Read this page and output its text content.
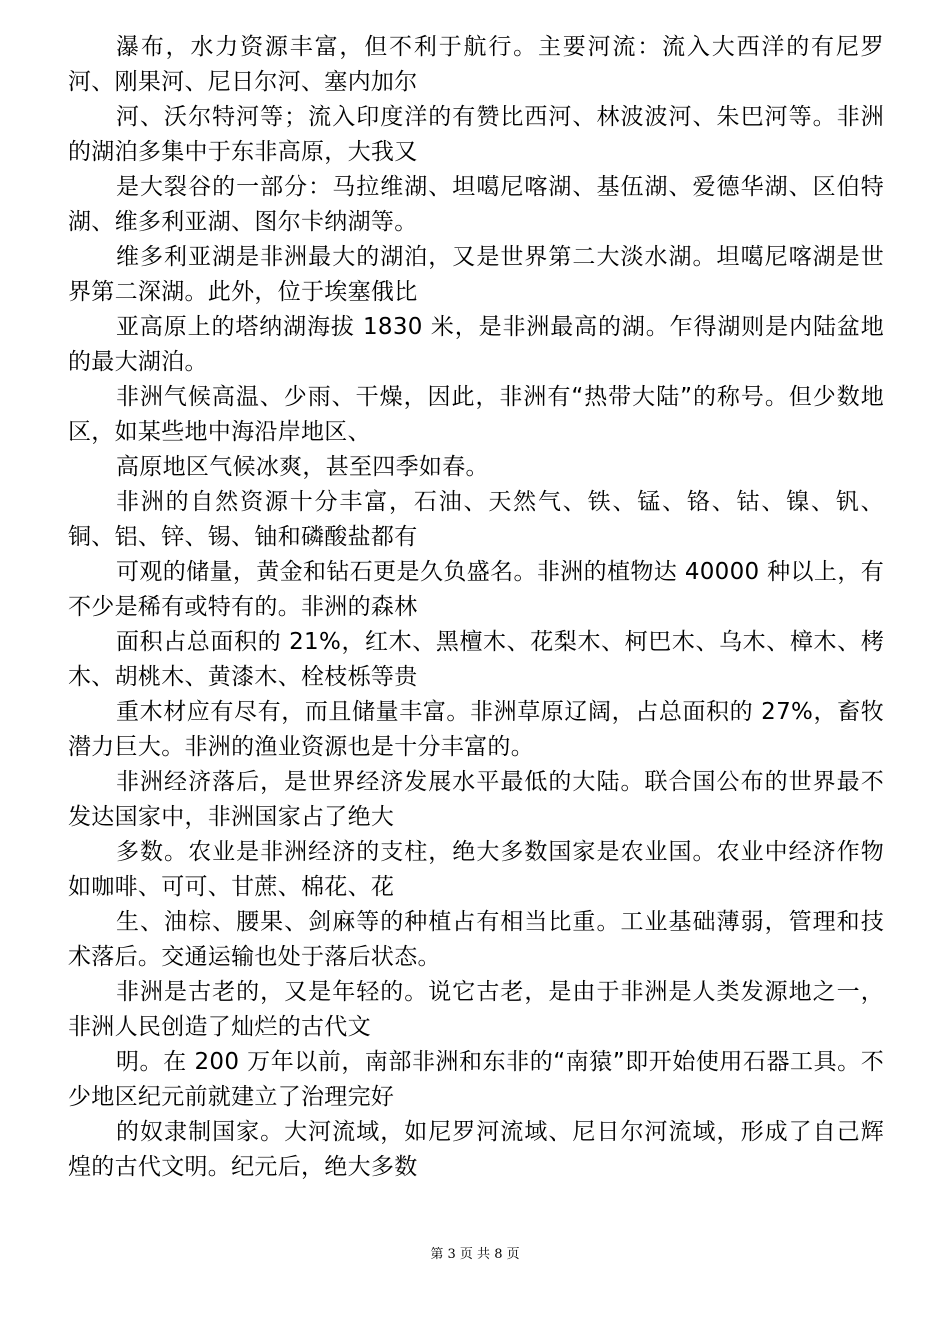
瀑布，水力资源丰富，但不利于航行。主要河流：流入大西洋的有尼罗河、刚果河、尼日尔河、塞内加尔

河、沃尔特河等；流入印度洋的有赞比西河、林波波河、朱巴河等。非洲的湖泊多集中于东非高原，大我又

是大裂谷的一部分：马拉维湖、坦噶尼喀湖、基伍湖、爱德华湖、区伯特湖、维多利亚湖、图尔卡纳湖等。

维多利亚湖是非洲最大的湖泊，又是世界第二大淡水湖。坦噶尼喀湖是世界第二深湖。此外，位于埃塞俄比

亚高原上的塔纳湖海拔 1830 米，是非洲最高的湖。乍得湖则是内陆盆地的最大湖泊。

非洲气候高温、少雨、干燥，因此，非洲有“热带大陆”的称号。但少数地区，如某些地中海沿岸地区、

高原地区气候冰爽，甚至四季如春。

非洲的自然资源十分丰富，石油、天然气、铁、锰、铬、钴、镍、钒、铜、铝、锌、锡、铀和磷酸盐都有

可观的储量，黄金和钻石更是久负盛名。非洲的植物达 40000 种以上，有不少是稀有或特有的。非洲的森林

面积占总面积的 21%，红木、黑檀木、花梨木、柯巴木、乌木、樟木、栲木、胡桃木、黄漆木、栓枝栎等贵

重木材应有尽有，而且储量丰富。非洲草原辽阔，占总面积的 27%，畜牧潜力巨大。非洲的渔业资源也是十分丰富的。

非洲经济落后，是世界经济发展水平最低的大陆。联合国公布的世界最不发达国家中，非洲国家占了绝大

多数。农业是非洲经济的支柱，绝大多数国家是农业国。农业中经济作物如咖啡、可可、甘蔗、棉花、花

生、油棕、腰果、剑麻等的种植占有相当比重。工业基础薄弱，管理和技术落后。交通运输也处于落后状态。

非洲是古老的，又是年轻的。说它古老，是由于非洲是人类发源地之一，非洲人民创造了灿烂的古代文

明。在 200 万年以前，南部非洲和东非的“南猿”即开始使用石器工具。不少地区纪元前就建立了治理完好

的奴隶制国家。大河流域，如尼罗河流域、尼日尔河流域，形成了自己辉煌的古代文明。纪元后，绝大多数

第 3 页 共 8 页
